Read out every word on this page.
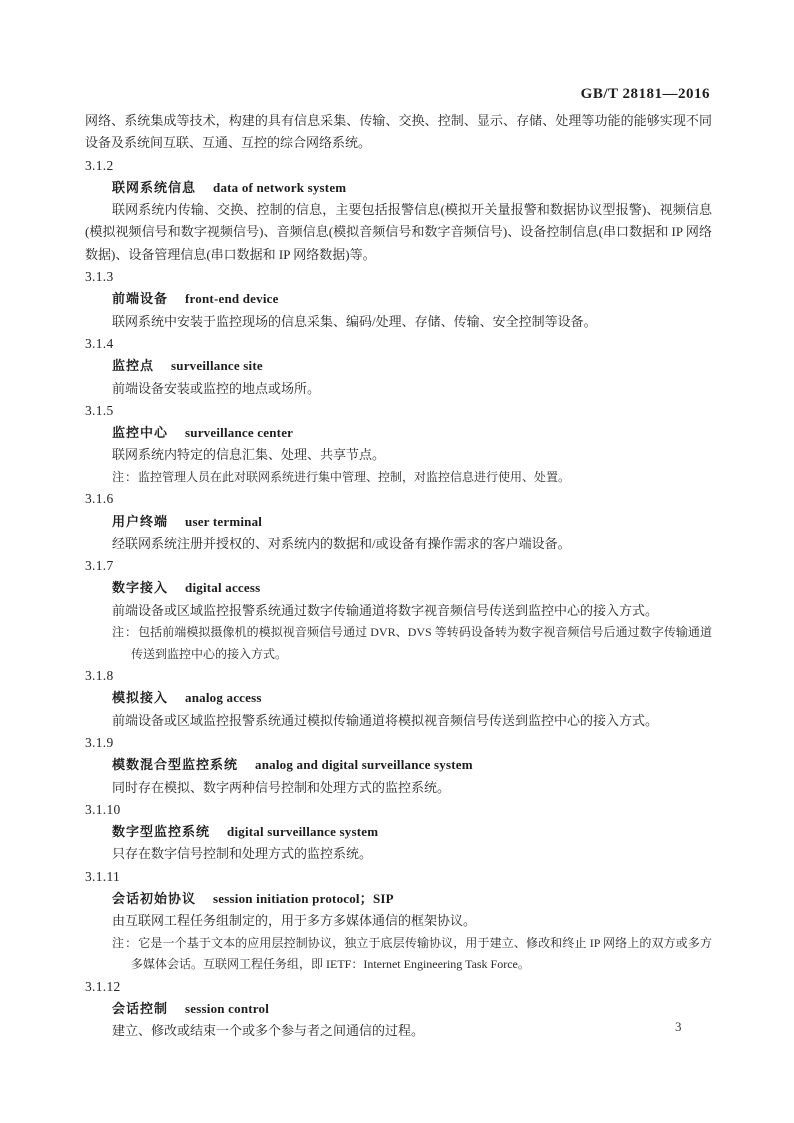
GB/T 28181—2016
网络、系统集成等技术，构建的具有信息采集、传输、交换、控制、显示、存储、处理等功能的能够实现不同设备及系统间互联、互通、互控的综合网络系统。
3.1.2
联网系统信息 data of network system
联网系统内传输、交换、控制的信息，主要包括报警信息(模拟开关量报警和数据协议型报警)、视频信息(模拟视频信号和数字视频信号)、音频信息(模拟音频信号和数字音频信号)、设备控制信息(串口数据和 IP 网络数据)、设备管理信息(串口数据和 IP 网络数据)等。
3.1.3
前端设备 front-end device
联网系统中安装于监控现场的信息采集、编码/处理、存储、传输、安全控制等设备。
3.1.4
监控点 surveillance site
前端设备安装或监控的地点或场所。
3.1.5
监控中心 surveillance center
联网系统内特定的信息汇集、处理、共享节点。
注：监控管理人员在此对联网系统进行集中管理、控制，对监控信息进行使用、处置。
3.1.6
用户终端 user terminal
经联网系统注册并授权的、对系统内的数据和/或设备有操作需求的客户端设备。
3.1.7
数字接入 digital access
前端设备或区域监控报警系统通过数字传输通道将数字视音频信号传送到监控中心的接入方式。
注：包括前端模拟摄像机的模拟视音频信号通过 DVR、DVS 等转码设备转为数字视音频信号后通过数字传输通道传送到监控中心的接入方式。
3.1.8
模拟接入 analog access
前端设备或区域监控报警系统通过模拟传输通道将模拟视音频信号传送到监控中心的接入方式。
3.1.9
模数混合型监控系统 analog and digital surveillance system
同时存在模拟、数字两种信号控制和处理方式的监控系统。
3.1.10
数字型监控系统 digital surveillance system
只存在数字信号控制和处理方式的监控系统。
3.1.11
会话初始协议 session initiation protocol；SIP
由互联网工程任务组制定的，用于多方多媒体通信的框架协议。
注：它是一个基于文本的应用层控制协议，独立于底层传输协议，用于建立、修改和终止 IP 网络上的双方或多方多媒体会话。互联网工程任务组，即 IETF：Internet Engineering Task Force。
3.1.12
会话控制 session control
建立、修改或结束一个或多个参与者之间通信的过程。	3
